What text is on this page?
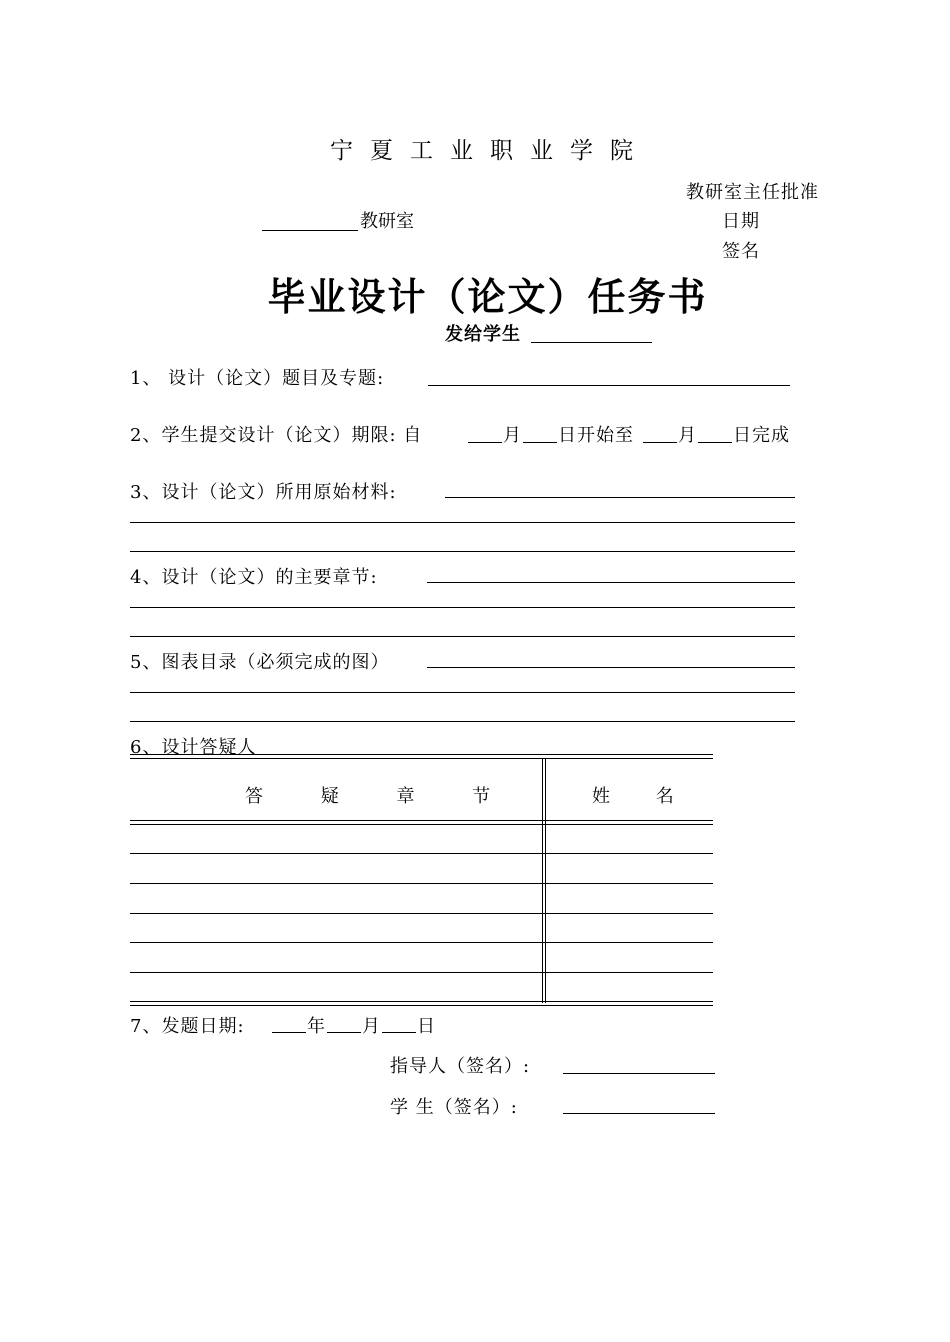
宁夏工业职业学院
教研室主任批准
日期
签名
教研室
毕业设计（论文）任务书
发给学生
1、 设计（论文）题目及专题:
2、学生提交设计（论文）期限: 自	月 日开始至 月 日完成
3、设计（论文）所用原始材料:
4、设计（论文）的主要章节:
5、图表目录（必须完成的图）
6、设计答疑人
答 疑 章 节	姓 名
7、发题日期:	年 月 日
指导人（签名）:
学 生（签名）:
